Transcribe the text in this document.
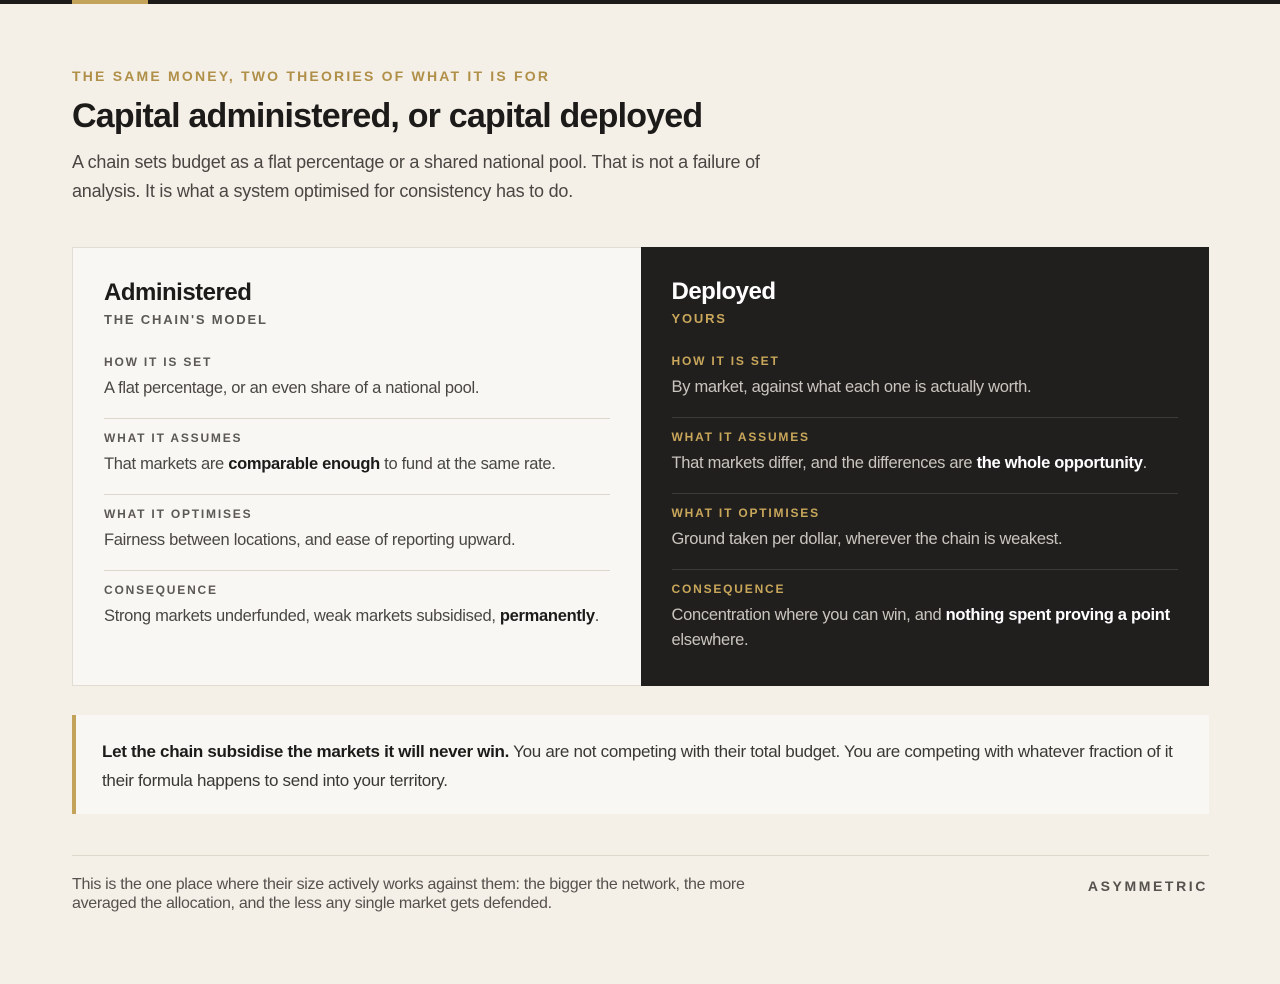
THE SAME MONEY, TWO THEORIES OF WHAT IT IS FOR
Capital administered, or capital deployed

A chain sets budget as a flat percentage or a shared national pool. That is not a failure of analysis. It is what a system optimised for consistency has to do.

Administered
THE CHAIN'S MODEL
HOW IT IS SET
A flat percentage, or an even share of a national pool.
WHAT IT ASSUMES
That markets are comparable enough to fund at the same rate.
WHAT IT OPTIMISES
Fairness between locations, and ease of reporting upward.
CONSEQUENCE
Strong markets underfunded, weak markets subsidised, permanently.
Deployed
YOURS
HOW IT IS SET
By market, against what each one is actually worth.
WHAT IT ASSUMES
That markets differ, and the differences are the whole opportunity.
WHAT IT OPTIMISES
Ground taken per dollar, wherever the chain is weakest.
CONSEQUENCE
Concentration where you can win, and nothing spent proving a point elsewhere.
Let the chain subsidise the markets it will never win. You are not competing with their total budget. You are competing with whatever fraction of it their formula happens to send into your territory.

This is the one place where their size actively works against them: the bigger the network, the more averaged the allocation, and the less any single market gets defended.

ASYMMETRIC
